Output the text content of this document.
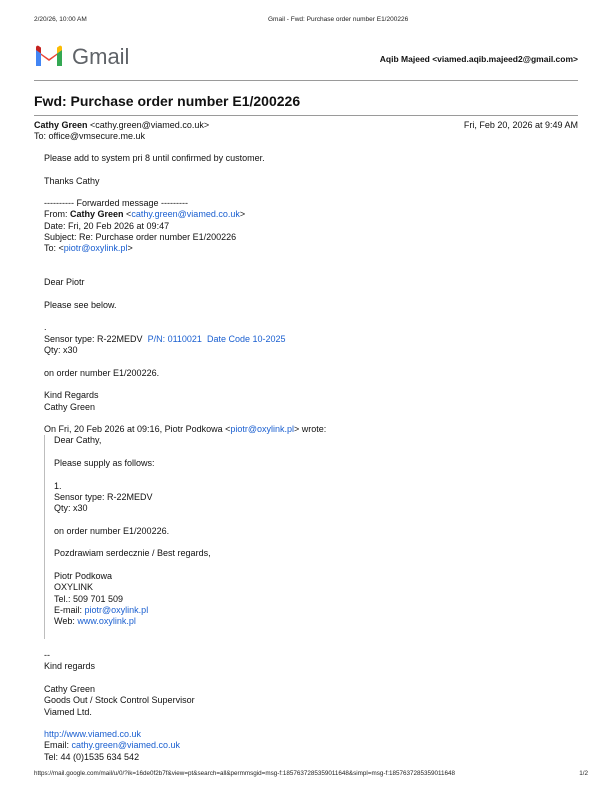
2/20/26, 10:00 AM	Gmail - Fwd: Purchase order number E1/200226
Gmail	Aqib Majeed <viamed.aqib.majeed2@gmail.com>
Fwd: Purchase order number E1/200226
Cathy Green <cathy.green@viamed.co.uk>	Fri, Feb 20, 2026 at 9:49 AM
To: office@vmsecure.me.uk

Please add to system pri 8 until confirmed by customer.

Thanks Cathy

---------- Forwarded message ---------

From: Cathy Green <cathy.green@viamed.co.uk>

Date: Fri, 20 Feb 2026 at 09:47

Subject: Re: Purchase order number E1/200226

To: <piotr@oxylink.pl>

Dear Piotr

Please see below.

.

Sensor type: R-22MEDV P/N: 0110021 Date Code 10-2025

Qty: x30

on order number E1/200226.

Kind Regards

Cathy Green

On Fri, 20 Feb 2026 at 09:16, Piotr Podkowa <piotr@oxylink.pl> wrote:

Dear Cathy,

Please supply as follows:

1.

Sensor type: R-22MEDV

Qty: x30

on order number E1/200226.

Pozdrawiam serdecznie / Best regards,

Piotr Podkowa

OXYLINK

Tel.: 509 701 509

E-mail: piotr@oxylink.pl

Web: www.oxylink.pl

--

Kind regards

Cathy Green

Goods Out / Stock Control Supervisor

Viamed Ltd.

http://www.viamed.co.uk

Email: cathy.green@viamed.co.uk

Tel: 44 (0)1535 634 542

https://mail.google.com/mail/u/0/?ik=16de0f2b7f&view=pt&search=all&permmsgid=msg-f:1857637285359011648&simpl=msg-f:1857637285359011648	1/2
